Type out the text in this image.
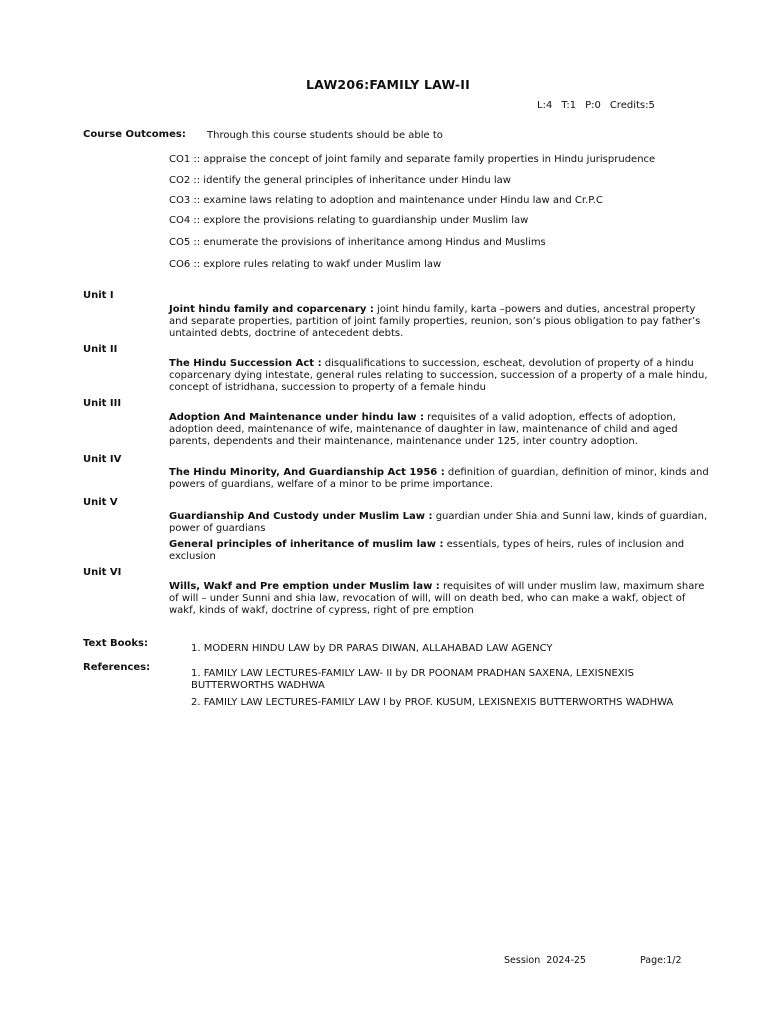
LAW206:FAMILY LAW-II
L:4 T:1 P:0 Credits:5
Course Outcomes: Through this course students should be able to
CO1 :: appraise the concept of joint family and separate family properties in Hindu jurisprudence
CO2 :: identify the general principles of inheritance under Hindu law
CO3 :: examine laws relating to adoption and maintenance under Hindu law and Cr.P.C
CO4 :: explore the provisions relating to guardianship under Muslim law
CO5 :: enumerate the provisions of inheritance among Hindus and Muslims
CO6 :: explore rules relating to wakf under Muslim law
Unit I
Joint hindu family and coparcenary : joint hindu family, karta –powers and duties, ancestral property and separate properties, partition of joint family properties, reunion, son’s pious obligation to pay father’s untainted debts, doctrine of antecedent debts.
Unit II
The Hindu Succession Act : disqualifications to succession, escheat, devolution of property of a hindu coparcenary dying intestate, general rules relating to succession, succession of a property of a male hindu, concept of istridhana, succession to property of a female hindu
Unit III
Adoption And Maintenance under hindu law : requisites of a valid adoption, effects of adoption, adoption deed, maintenance of wife, maintenance of daughter in law, maintenance of child and aged parents, dependents and their maintenance, maintenance under 125, inter country adoption.
Unit IV
The Hindu Minority, And Guardianship Act 1956 : definition of guardian, definition of minor, kinds and powers of guardians, welfare of a minor to be prime importance.
Unit V
Guardianship And Custody under Muslim Law : guardian under Shia and Sunni law, kinds of guardian, power of guardians
General principles of inheritance of muslim law : essentials, types of heirs, rules of inclusion and exclusion
Unit VI
Wills, Wakf and Pre emption under Muslim law : requisites of will under muslim law, maximum share of will – under Sunni and shia law, revocation of will, will on death bed, who can make a wakf, object of wakf, kinds of wakf, doctrine of cypress, right of pre emption
Text Books:	1. MODERN HINDU LAW by DR PARAS DIWAN, ALLAHABAD LAW AGENCY
References:
1. FAMILY LAW LECTURES-FAMILY LAW- II by DR POONAM PRADHAN SAXENA, LEXISNEXIS BUTTERWORTHS WADHWA
2. FAMILY LAW LECTURES-FAMILY LAW I by PROF. KUSUM, LEXISNEXIS BUTTERWORTHS WADHWA
Session  2024-25	Page:1/2
